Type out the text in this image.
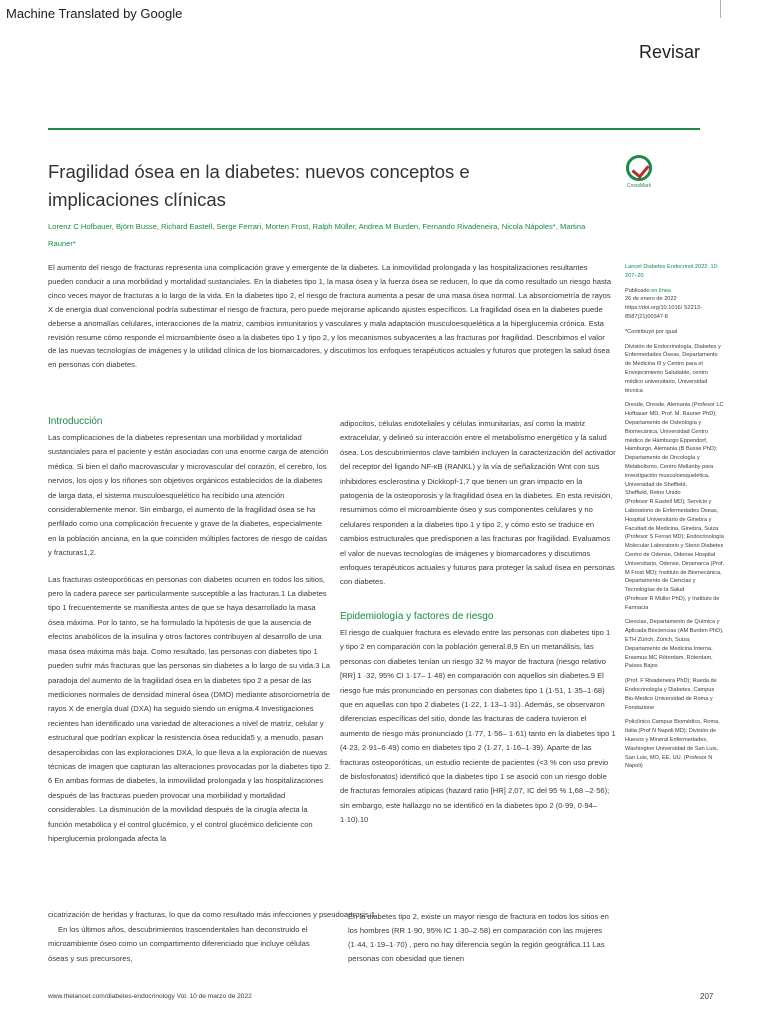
Machine Translated by Google
Revisar
Fragilidad ósea en la diabetes: nuevos conceptos e implicaciones clínicas
CrossMark
Lorenz C Hofbauer, Björn Busse, Richard Eastell, Serge Ferrari, Morten Frost, Ralph Müller, Andrea M Burden, Fernando Rivadeneira, Nicola Nápoles*, Martina Rauner*
El aumento del riesgo de fracturas representa una complicación grave y emergente de la diabetes. La inmovilidad prolongada y las hospitalizaciones resultantes pueden conducir a una morbilidad y mortalidad sustanciales. En la diabetes tipo 1, la masa ósea y la fuerza ósea se reducen, lo que da como resultado un riesgo hasta cinco veces mayor de fracturas a lo largo de la vida. En la diabetes tipo 2, el riesgo de fractura aumenta a pesar de una masa ósea normal. La absorciometría de rayos X de energía dual convencional podría subestimar el riesgo de fractura, pero puede mejorarse aplicando ajustes específicos. La fragilidad ósea en la diabetes puede deberse a anomalías celulares, interacciones de la matriz, cambios inmunitarios y vasculares y mala adaptación musculoesquelética a la hiperglucemia crónica. Esta revisión resume cómo responde el microambiente óseo a la diabetes tipo 1 y tipo 2, y los mecanismos subyacentes a las fracturas por fragilidad. Describimos el valor de las nuevas tecnologías de imágenes y la utilidad clínica de los biomarcadores, y discutimos los enfoques terapéuticos actuales y futuros que protegen la salud ósea en personas con diabetes.

Lancet Diabetes Endocrinol 2022; 10: 207–20

Publicado en línea

26 de enero de 2022

https://doi.org/10.1016/ S2213-8587(21)00347-8

*Contribuyó por igual

División de Endocrinología, Diabetes y Enfermedades Óseas, Departamento de Medicina III y Centro para el Envejecimiento Saludable, centro médico universitario, Universidad técnica

Dresde, Dresde, Alemania (Profesor LC Hofbauer MD, Prof. M. Rauner PhD); Departamento de Osteología y Biomecánica, Universidad Centro médico de Hamburgo Eppendorf, Hamburgo, Alemania (B Busse PhD); Departamento de Oncología y Metabolismo, Centro Mellanby para investigación musculoesquelética, Universidad de Sheffield,

Sheffield, Reino Unido

(Profesor R Eastell MD); Servicio y Laboratorio de Enfermedades Óseas, Hospital Universitario de Ginebra y Facultad de Medicina, Ginebra, Suiza (Profesor S Ferrari MD); Endocrinología Molecular Laboratorio y Steno Diabetes Centro de Odense, Odense Hospital Universitario, Odense, Dinamarca (Prof. M Frost MD); Instituto de Biomecánica, Departamento de Ciencias y Tecnologías de la Salud

(Profesor R Müller PhD), y Instituto de Farmacia

Ciencias, Departamento de Química y Aplicada Biociencias (AM Burden PhD), ETH Zürich, Zúrich, Suiza; Departamento de Medicina Interna, Erasmus MC Róterdam, Róterdam, Países Bajos

(Prof. F Rivadeneira PhD); Rueda de Endocrinología y Diabetes, Campus Bio-Medico Universidad de Roma y Fondazione

Policlínico Campus Biomédico, Roma, Italia (Prof N Napoli MD); División de Huesos y Mineral Enfermedades, Washington Universidad de San Luis, San Luis, MO, EE. UU. (Profesor N Napoli)

Introducción

Las complicaciones de la diabetes representan una morbilidad y mortalidad sustanciales para el paciente y están asociadas con una enorme carga de atención médica. Si bien el daño macrovascular y microvascular del corazón, el cerebro, los nervios, los ojos y los riñones son objetivos orgánicos establecidos de la diabetes de larga data, el sistema musculoesquelético ha recibido una atención considerablemente menor. Sin embargo, el aumento de la fragilidad ósea se ha perfilado como una complicación frecuente y grave de la diabetes, especialmente en la población anciana, en la que coinciden múltiples factores de riesgo de caídas y fracturas1,2.

Las fracturas osteoporóticas en personas con diabetes ocurren en todos los sitios, pero la cadera parece ser particularmente susceptible a las fracturas.1 La diabetes tipo 1 frecuentemente se manifiesta antes de que se haya desarrollado la masa ósea máxima. Por lo tanto, se ha formulado la hipótesis de que la ausencia de efectos anabólicos de la insulina y otros factores contribuyen al desarrollo de una masa ósea máxima más baja. Como resultado, las personas con diabetes tipo 1 pueden sufrir más fracturas que las personas sin diabetes a lo largo de su vida.3 La paradoja del aumento de la fragilidad ósea en la diabetes tipo 2 a pesar de las mediciones normales de densidad mineral ósea (DMO) mediante absorciometría de rayos X de energía dual (DXA) ha seguido siendo un enigma.4 Investigaciones recientes han identificado una variedad de alteraciones a nivel de matriz, celular y estructural que podrían explicar la resistencia ósea reducida5 y, a menudo, pasan desapercibidas con las exploraciones DXA, lo que lleva a la exploración de nuevas técnicas de imagen que capturan las alteraciones provocadas por la diabetes tipo 2. 6 En ambas formas de diabetes, la inmovilidad prolongada y las hospitalizaciones después de las fracturas pueden provocar una morbilidad y mortalidad considerables. La disminución de la movilidad después de la cirugía afecta la función metabólica y el control glucémico, y el control glucémico deficiente con hiperglucemia prolongada afecta la

cicatrización de heridas y fracturas, lo que da como resultado más infecciones y pseudoartrosis.1

En los últimos años, descubrimientos trascendentales han deconstruido el microambiente óseo como un compartimento diferenciado que incluye células óseas y sus precursores,

adipocitos, células endoteliales y células inmunitarias, así como la matriz extracelular, y delineó su interacción entre el metabolismo energético y la salud ósea. Los descubrimientos clave también incluyen la caracterización del activador del receptor del ligando NF-κB (RANKL) y la vía de señalización Wnt con sus inhibidores esclerostina y Dickkopf-1,7 que tienen un gran impacto en la patogenia de la osteoporosis y la fragilidad ósea en la diabetes. En esta revisión, resumimos cómo el microambiente óseo y sus componentes celulares y no celulares responden a la diabetes tipo 1 y tipo 2, y cómo esto se traduce en cambios estructurales que predisponen a las fracturas por fragilidad. Evaluamos el valor de nuevas tecnologías de imágenes y biomarcadores y discutimos enfoques terapéuticos actuales y futuros para proteger la salud ósea en personas con diabetes.

Epidemiología y factores de riesgo

El riesgo de cualquier fractura es elevado entre las personas con diabetes tipo 1 y tipo 2 en comparación con la población general.8,9 En un metanálisis, las personas con diabetes tenían un riesgo 32 % mayor de fractura (riesgo relativo [RR] 1 ·32, 95% CI 1·17– 1·48) en comparación con aquellos sin diabetes.9 El riesgo fue más pronunciado en personas con diabetes tipo 1 (1·51, 1·35–1·68) que en aquellas con tipo 2 diabetes (1·22, 1·13–1·31). Además, se observaron diferencias específicas del sitio, donde las fracturas de cadera tuvieron el aumento de riesgo más pronunciado (1·77, 1·56– 1·61) tanto en la diabetes tipo 1 (4·23, 2·91–6·49) como en diabetes tipo 2 (1·27, 1·16–1·39). Aparte de las fracturas osteoporóticas, un estudio reciente de pacientes (<3 % con uso previo de bisfosfonatos) identificó que la diabetes tipo 1 se asoció con un riesgo doble de fracturas femorales atípicas (hazard ratio [HR] 2,07, IC del 95 % 1,68 –2·56); sin embargo, este hallazgo no se identificó en la diabetes tipo 2 (0·99, 0·94–1·10).10

En la diabetes tipo 2, existe un mayor riesgo de fractura en todos los sitios en los hombres (RR 1·90, 95% IC 1·30–2·58) en comparación con las mujeres (1·44, 1·19–1·70) , pero no hay diferencia según la región geográfica.11 Las personas con obesidad que tienen
www.thelancet.com/diabetes-endocrinology Vol. 10 de marzo de 2022	207
